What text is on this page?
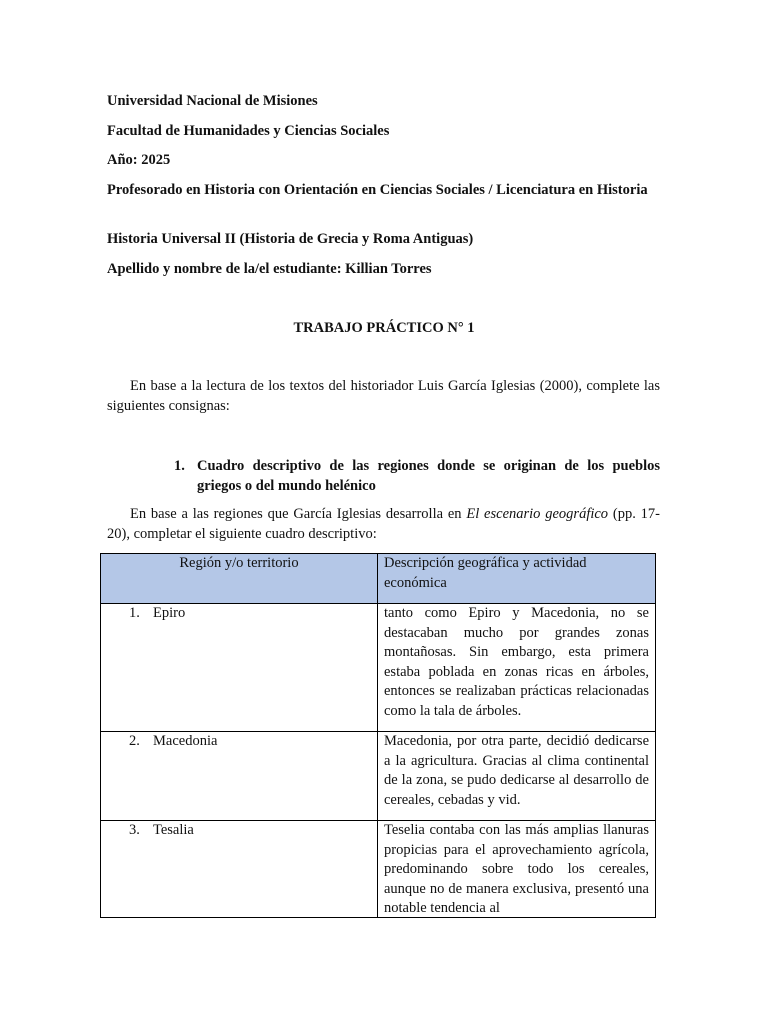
Universidad Nacional de Misiones

Facultad de Humanidades y Ciencias Sociales

Año: 2025

Profesorado en Historia con Orientación en Ciencias Sociales / Licenciatura en Historia

Historia Universal II (Historia de Grecia y Roma Antiguas)

Apellido y nombre de la/el estudiante: Killian Torres

TRABAJO PRÁCTICO N° 1

En base a la lectura de los textos del historiador Luis García Iglesias (2000), complete las siguientes consignas:

1. Cuadro descriptivo de las regiones donde se originan de los pueblos griegos o del mundo helénico

En base a las regiones que García Iglesias desarrolla en El escenario geográfico (pp. 17-20), completar el siguiente cuadro descriptivo:

Región y/o territorio	Descripción geográfica y actividad económica
1. Epiro	tanto como Epiro y Macedonia, no se destacaban mucho por grandes zonas montañosas. Sin embargo, esta primera estaba poblada en zonas ricas en árboles, entonces se realizaban prácticas relacionadas como la tala de árboles.
2. Macedonia	Macedonia, por otra parte, decidió dedicarse a la agricultura. Gracias al clima continental de la zona, se pudo dedicarse al desarrollo de cereales, cebadas y vid.
3. Tesalia	Teselia contaba con las más amplias llanuras propicias para el aprovechamiento agrícola, predominando sobre todo los cereales, aunque no de manera exclusiva, presentó una notable tendencia al
